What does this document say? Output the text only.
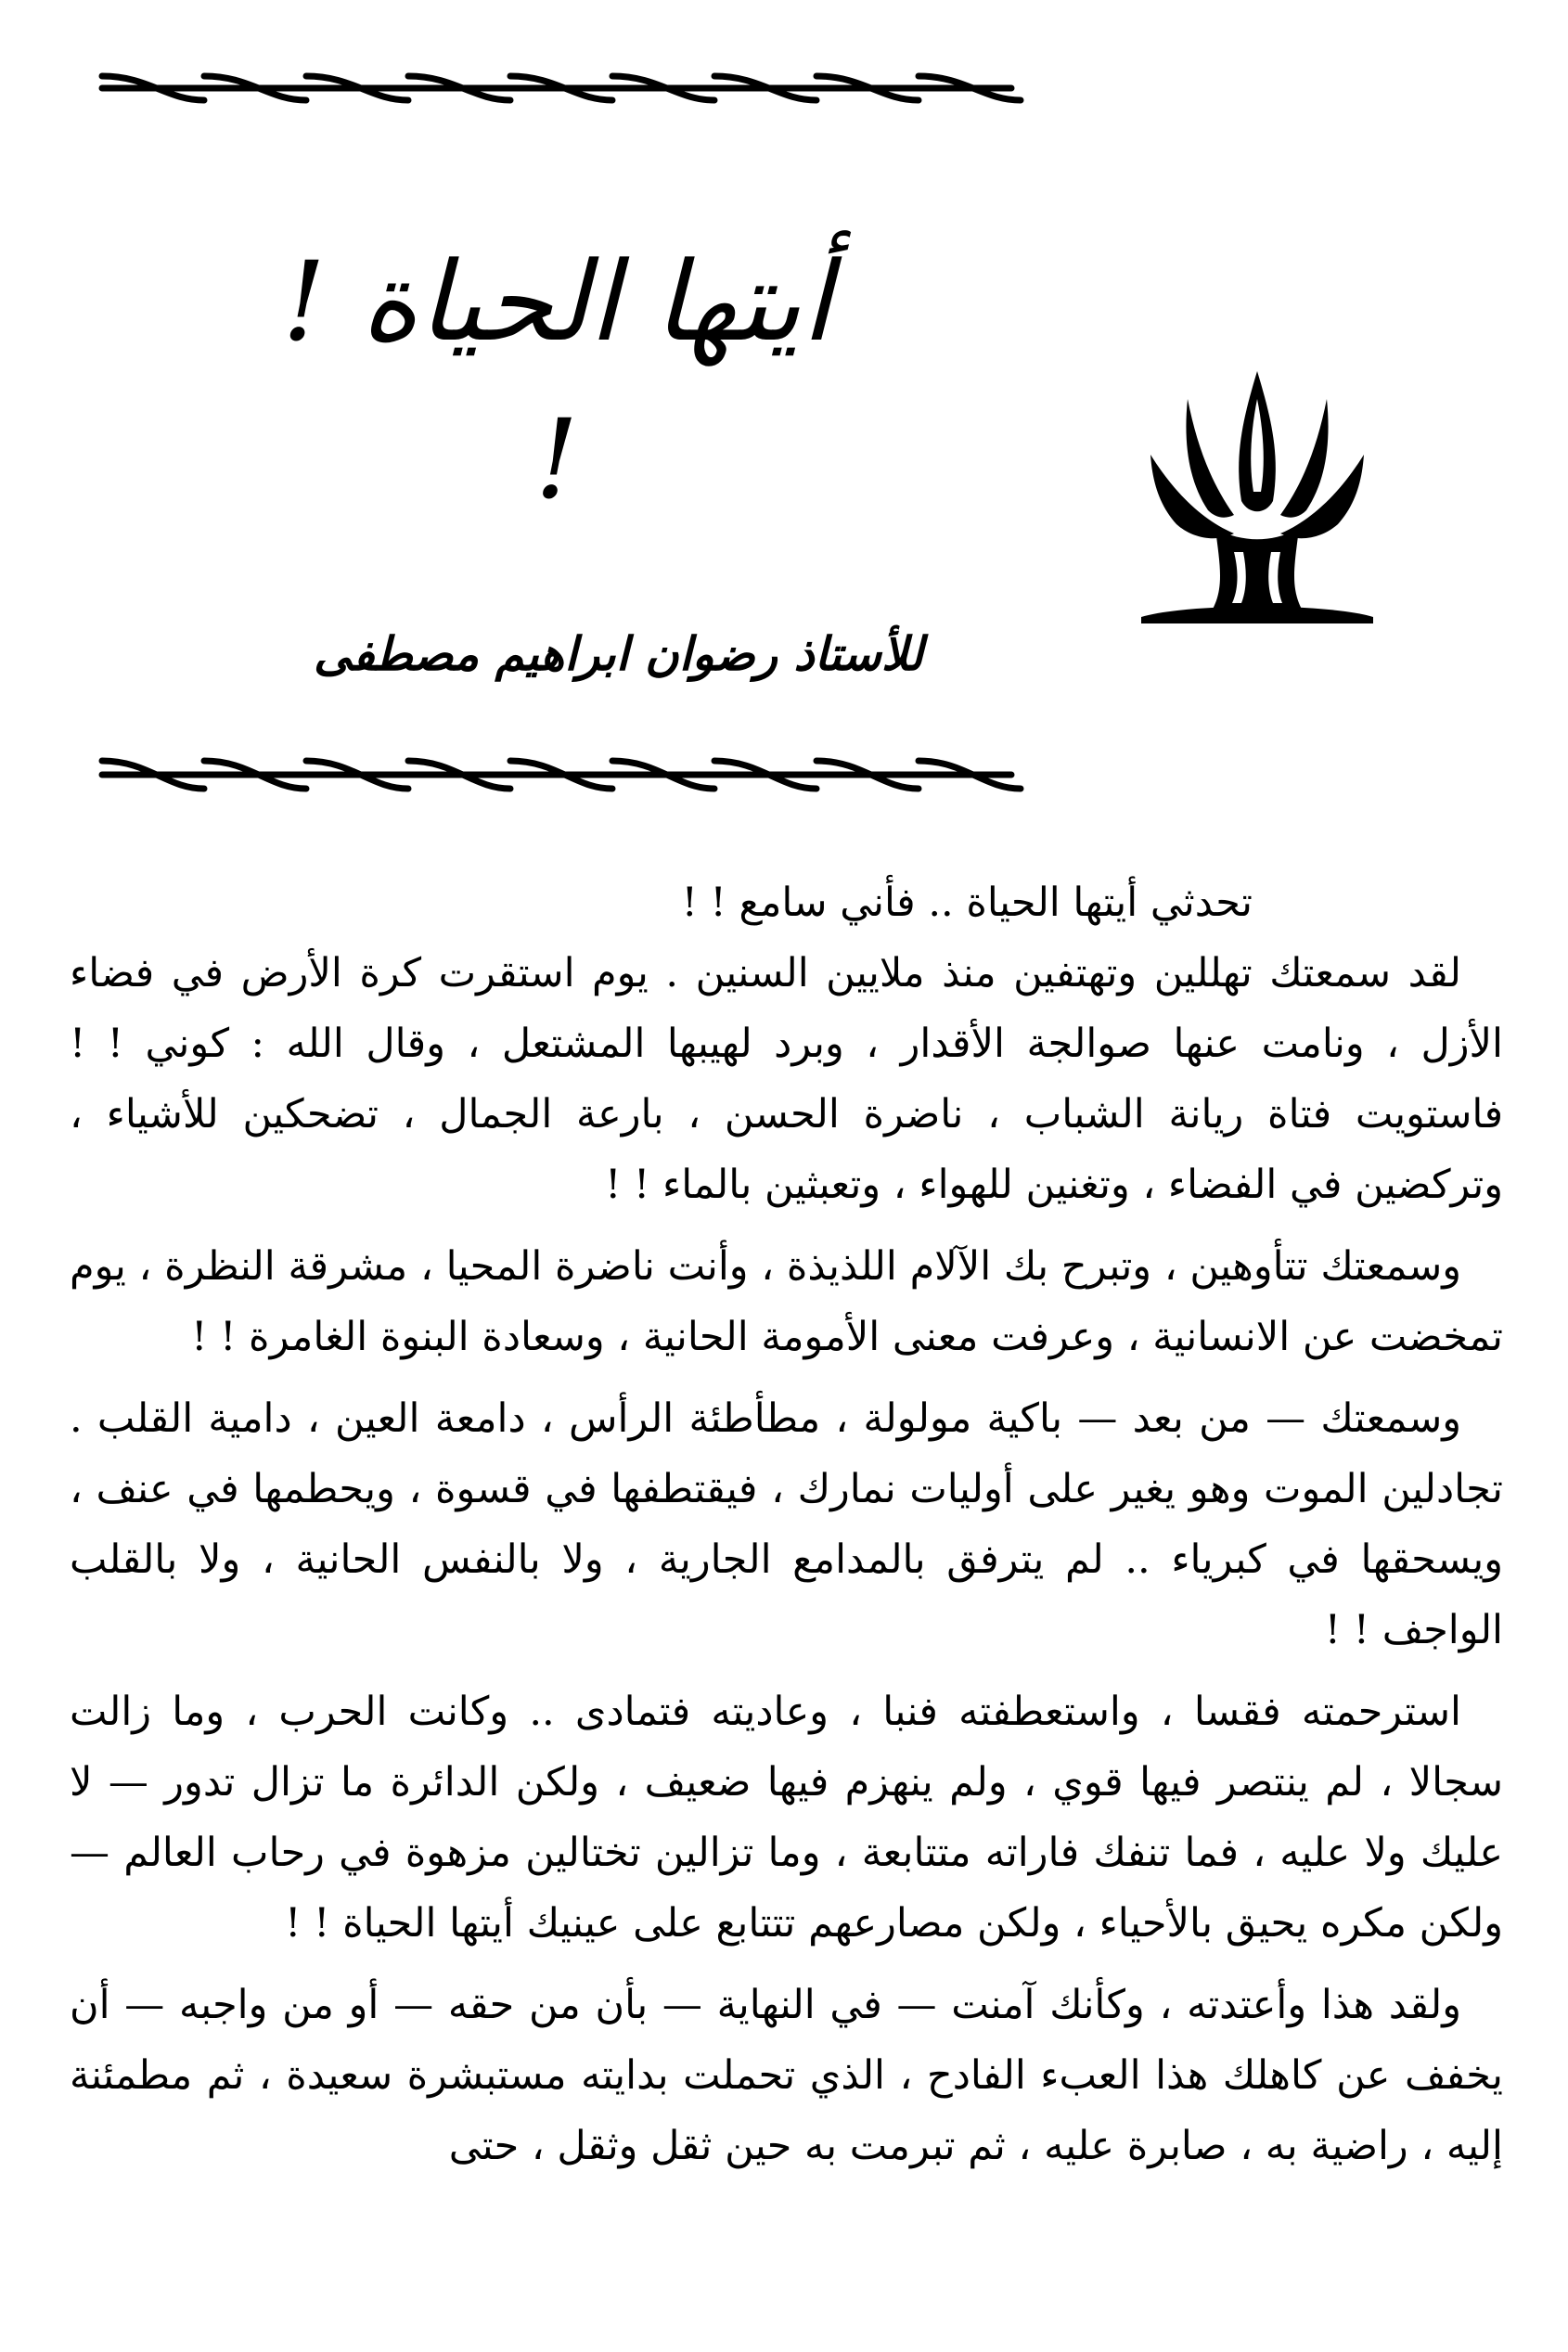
أيتها الحياة ! !
للأستاذ رضوان ابراهيم مصطفى

تحدثي أيتها الحياة .. فأني سامع ! !

لقد سمعتك تهللين وتهتفين منذ ملايين السنين . يوم استقرت كرة الأرض في فضاء الأزل ، ونامت عنها صوالجة الأقدار ، وبرد لهيبها المشتعل ، وقال الله : كوني ! ! فاستويت فتاة ريانة الشباب ، ناضرة الحسن ، بارعة الجمال ، تضحكين للأشياء ، وتركضين في الفضاء ، وتغنين للهواء ، وتعبثين بالماء ! !

وسمعتك تتأوهين ، وتبرح بك الآلام اللذيذة ، وأنت ناضرة المحيا ، مشرقة النظرة ، يوم تمخضت عن الانسانية ، وعرفت معنى الأمومة الحانية ، وسعادة البنوة الغامرة ! !

وسمعتك — من بعد — باكية مولولة ، مطأطئة الرأس ، دامعة العين ، دامية القلب . تجادلين الموت وهو يغير على أوليات نمارك ، فيقتطفها في قسوة ، ويحطمها في عنف ، ويسحقها في كبرياء .. لم يترفق بالمدامع الجارية ، ولا بالنفس الحانية ، ولا بالقلب الواجف ! !

استرحمته فقسا ، واستعطفته فنبا ، وعاديته فتمادى .. وكانت الحرب ، وما زالت سجالا ، لم ينتصر فيها قوي ، ولم ينهزم فيها ضعيف ، ولكن الدائرة ما تزال تدور — لا عليك ولا عليه ، فما تنفك فاراته متتابعة ، وما تزالين تختالين مزهوة في رحاب العالم — ولكن مكره يحيق بالأحياء ، ولكن مصارعهم تتتابع على عينيك أيتها الحياة ! !

ولقد هذا وأعتدته ، وكأنك آمنت — في النهاية — بأن من حقه — أو من واجبه — أن يخفف عن كاهلك هذا العبء الفادح ، الذي تحملت بدايته مستبشرة سعيدة ، ثم مطمئنة إليه ، راضية به ، صابرة عليه ، ثم تبرمت به حين ثقل وثقل ، حتى
